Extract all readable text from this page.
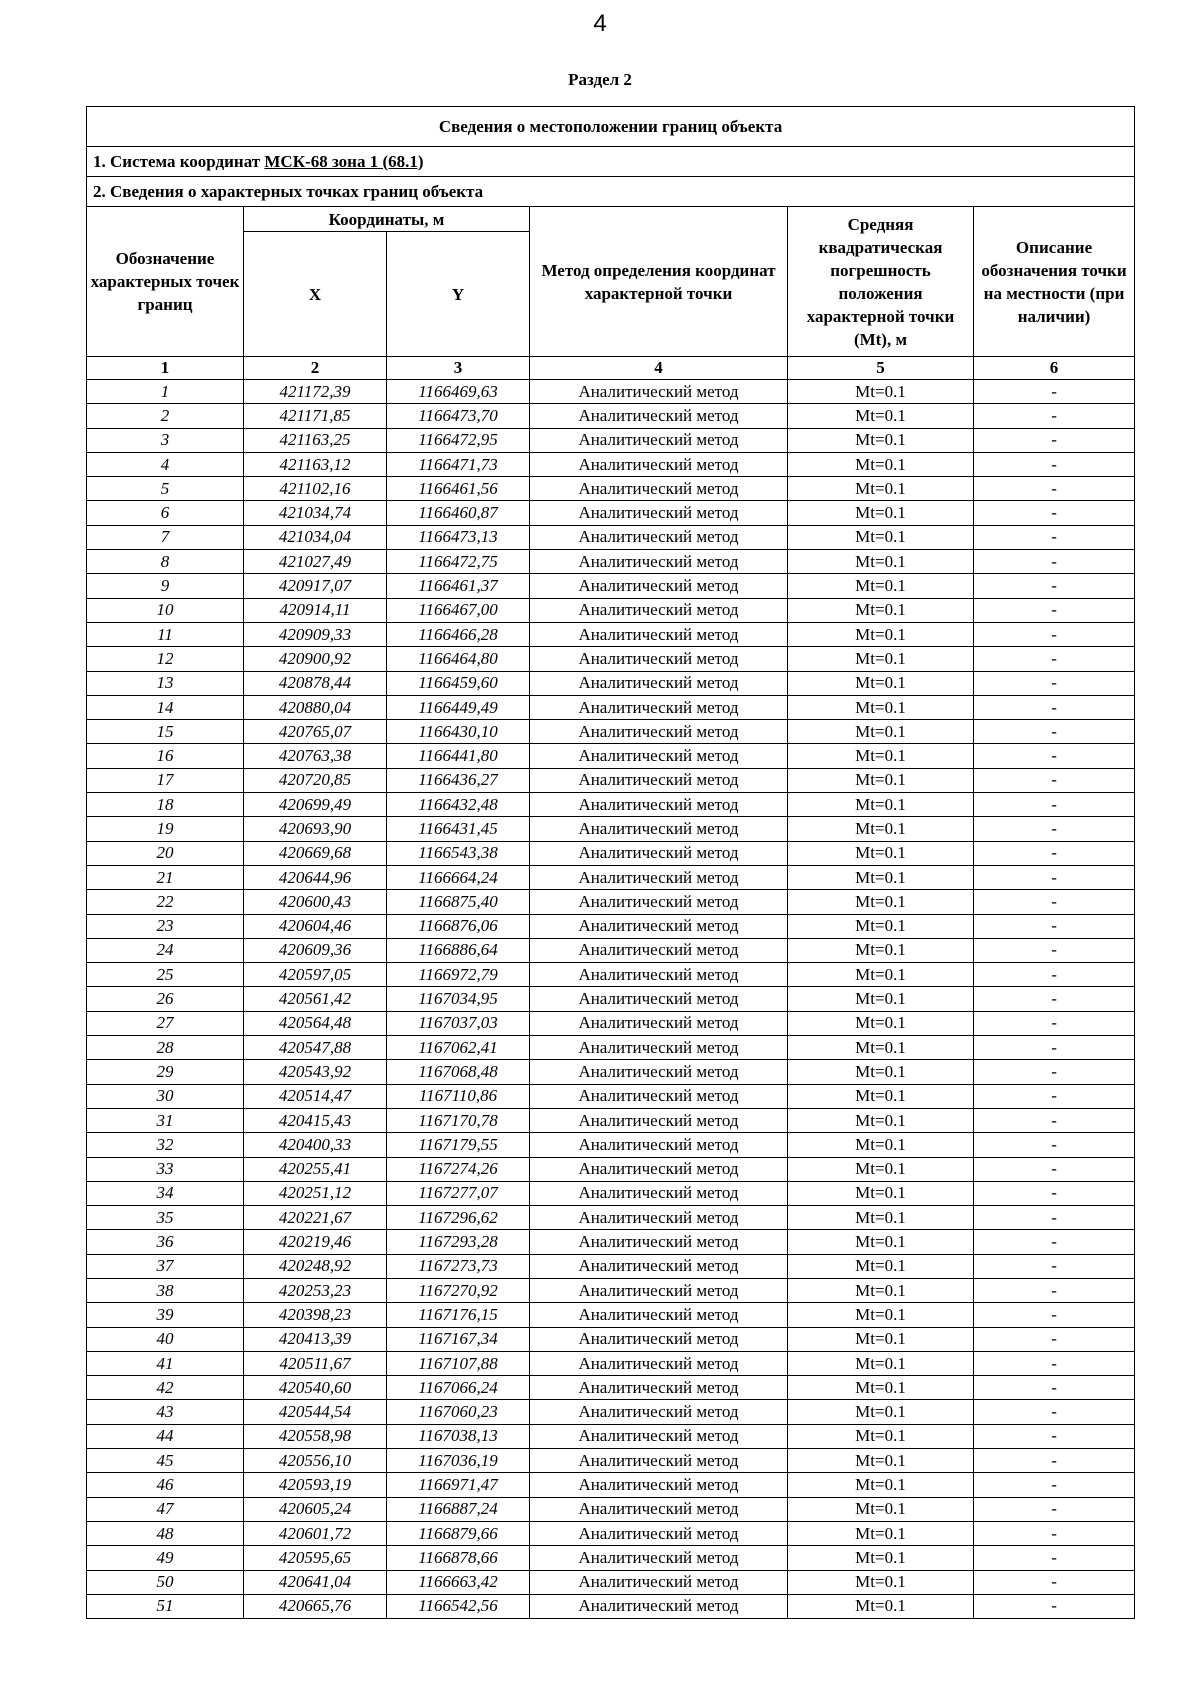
4
Раздел 2
Сведения о местоположении границ объекта					
1. Система координат МСК-68 зона 1 (68.1)					
2. Сведения о характерных точках границ объекта					
Обозначение характерных точек границ	Координаты, м		Метод определения координат характерной точки	Средняя квадратическая погрешность положения характерной точки (Mt), м	Описание обозначения точки на местности (при наличии)
	X	Y			
1	2	3	4	5	6
1	421172,39	1166469,63	Аналитический метод	Mt=0.1	-
2	421171,85	1166473,70	Аналитический метод	Mt=0.1	-
3	421163,25	1166472,95	Аналитический метод	Mt=0.1	-
4	421163,12	1166471,73	Аналитический метод	Mt=0.1	-
5	421102,16	1166461,56	Аналитический метод	Mt=0.1	-
6	421034,74	1166460,87	Аналитический метод	Mt=0.1	-
7	421034,04	1166473,13	Аналитический метод	Mt=0.1	-
8	421027,49	1166472,75	Аналитический метод	Mt=0.1	-
9	420917,07	1166461,37	Аналитический метод	Mt=0.1	-
10	420914,11	1166467,00	Аналитический метод	Mt=0.1	-
11	420909,33	1166466,28	Аналитический метод	Mt=0.1	-
12	420900,92	1166464,80	Аналитический метод	Mt=0.1	-
13	420878,44	1166459,60	Аналитический метод	Mt=0.1	-
14	420880,04	1166449,49	Аналитический метод	Mt=0.1	-
15	420765,07	1166430,10	Аналитический метод	Mt=0.1	-
16	420763,38	1166441,80	Аналитический метод	Mt=0.1	-
17	420720,85	1166436,27	Аналитический метод	Mt=0.1	-
18	420699,49	1166432,48	Аналитический метод	Mt=0.1	-
19	420693,90	1166431,45	Аналитический метод	Mt=0.1	-
20	420669,68	1166543,38	Аналитический метод	Mt=0.1	-
21	420644,96	1166664,24	Аналитический метод	Mt=0.1	-
22	420600,43	1166875,40	Аналитический метод	Mt=0.1	-
23	420604,46	1166876,06	Аналитический метод	Mt=0.1	-
24	420609,36	1166886,64	Аналитический метод	Mt=0.1	-
25	420597,05	1166972,79	Аналитический метод	Mt=0.1	-
26	420561,42	1167034,95	Аналитический метод	Mt=0.1	-
27	420564,48	1167037,03	Аналитический метод	Mt=0.1	-
28	420547,88	1167062,41	Аналитический метод	Mt=0.1	-
29	420543,92	1167068,48	Аналитический метод	Mt=0.1	-
30	420514,47	1167110,86	Аналитический метод	Mt=0.1	-
31	420415,43	1167170,78	Аналитический метод	Mt=0.1	-
32	420400,33	1167179,55	Аналитический метод	Mt=0.1	-
33	420255,41	1167274,26	Аналитический метод	Mt=0.1	-
34	420251,12	1167277,07	Аналитический метод	Mt=0.1	-
35	420221,67	1167296,62	Аналитический метод	Mt=0.1	-
36	420219,46	1167293,28	Аналитический метод	Mt=0.1	-
37	420248,92	1167273,73	Аналитический метод	Mt=0.1	-
38	420253,23	1167270,92	Аналитический метод	Mt=0.1	-
39	420398,23	1167176,15	Аналитический метод	Mt=0.1	-
40	420413,39	1167167,34	Аналитический метод	Mt=0.1	-
41	420511,67	1167107,88	Аналитический метод	Mt=0.1	-
42	420540,60	1167066,24	Аналитический метод	Mt=0.1	-
43	420544,54	1167060,23	Аналитический метод	Mt=0.1	-
44	420558,98	1167038,13	Аналитический метод	Mt=0.1	-
45	420556,10	1167036,19	Аналитический метод	Mt=0.1	-
46	420593,19	1166971,47	Аналитический метод	Mt=0.1	-
47	420605,24	1166887,24	Аналитический метод	Mt=0.1	-
48	420601,72	1166879,66	Аналитический метод	Mt=0.1	-
49	420595,65	1166878,66	Аналитический метод	Mt=0.1	-
50	420641,04	1166663,42	Аналитический метод	Mt=0.1	-
51	420665,76	1166542,56	Аналитический метод	Mt=0.1	-
